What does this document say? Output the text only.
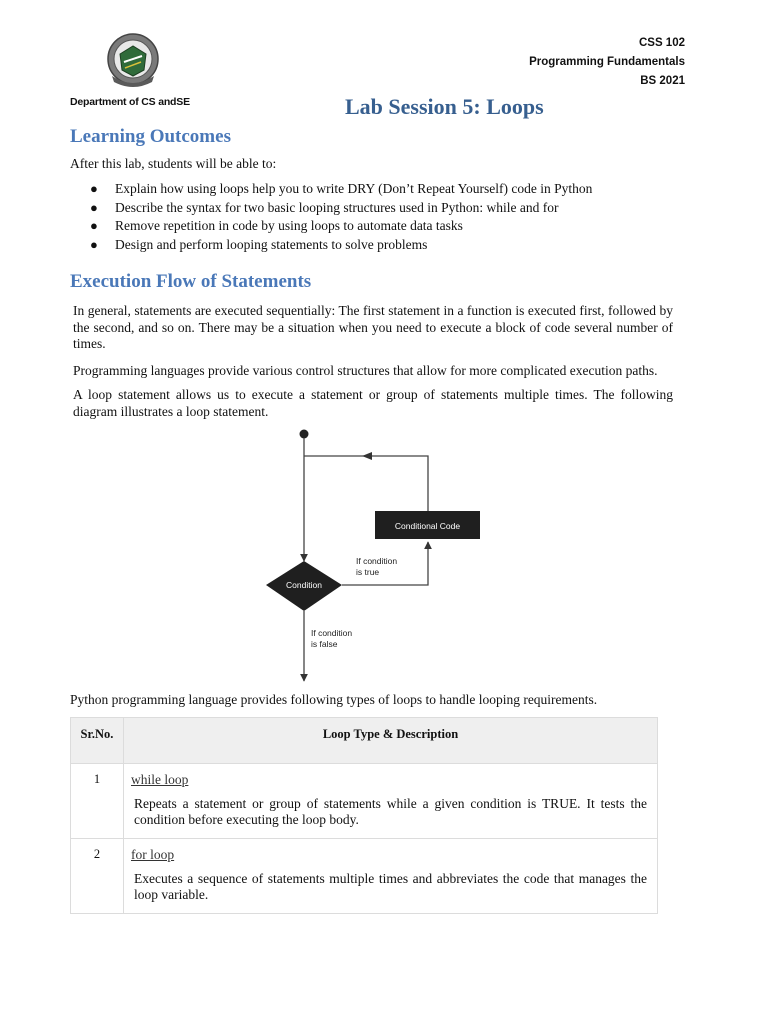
Department of CS andSE
CSS 102
Programming Fundamentals
BS 2021
Lab Session 5: Loops
Learning Outcomes
After this lab, students will be able to:
● Explain how using loops help you to write DRY (Don’t Repeat Yourself) code in Python
● Describe the syntax for two basic looping structures used in Python: while and for
● Remove repetition in code by using loops to automate data tasks
● Design and perform looping statements to solve problems
Execution Flow of Statements
In general, statements are executed sequentially: The first statement in a function is executed first, followed by the second, and so on. There may be a situation when you need to execute a block of code several number of times.
Programming languages provide various control structures that allow for more complicated execution paths.
A loop statement allows us to execute a statement or group of statements multiple times. The following diagram illustrates a loop statement.
Conditional Code
Condition
If condition
is true
If condition
is false
Python programming language provides following types of loops to handle looping requirements.
Sr.No.	Loop Type & Description
1	while loop
Repeats a statement or group of statements while a given condition is TRUE. It tests the condition before executing the loop body.

2	for loop
Executes a sequence of statements multiple times and abbreviates the code that manages the loop variable.
